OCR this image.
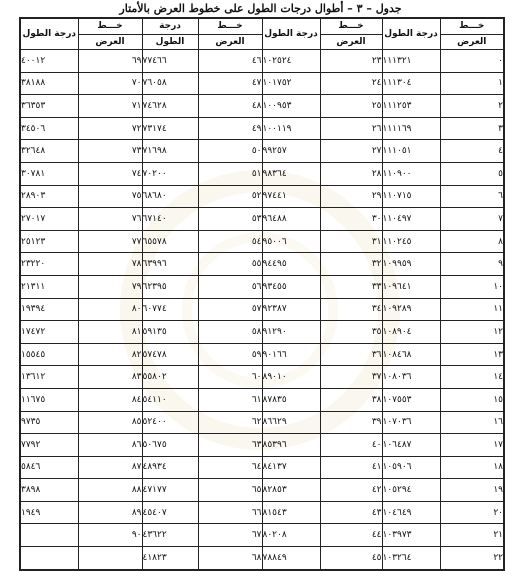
جدول – ٣ – أطوال درجات الطول على خطوط العرض بالأمتار
خـــط	درجة الطول	خـــط	درجة الطول	خـــط	درجة	خـــط	درجة الطول
العرض		العرض		العرض	الطول	العرض	
٠	١١١٣٢١	٢٣	١٠٢٥٢٤	٤٦	٧٧٤٦٦	٦٩	٤٠٠١٢
١	١١١٣٠٤	٢٤	١٠١٧٥٢	٤٧	٧٦٠٥٨	٧٠	٣٨١٨٨
٢	١١١٢٥٣	٢٥	١٠٠٩٥٣	٤٨	٧٤٦٢٨	٧١	٣٦٣٥٣
٣	١١١١٦٩	٢٦	١٠٠١١٩	٤٩	٧٣١٧٤	٧٢	٣٤٥٠٦
٤	١١١٠٥١	٢٧	٩٩٢٥٧	٥٠	٧١٦٩٨	٧٣	٣٢٦٤٨
٥	١١٠٩٠٠	٢٨	٩٨٣٦٤	٥١	٧٠٢٠٠	٧٤	٣٠٧٨١
٦	١١٠٧١٥	٢٩	٩٧٤٤١	٥٢	٦٨٦٨٠	٧٥	٢٨٩٠٣
٧	١١٠٤٩٧	٣٠	٩٦٤٨٨	٥٣	٦٧١٤٠	٧٦	٢٧٠١٧
٨	١١٠٢٤٥	٣١	٩٥٠٠٦	٥٤	٦٥٥٧٨	٧٧	٢٥١٢٣
٩	١٠٩٩٥٩	٣٢	٩٤٤٩٥	٥٥	٦٣٩٩٦	٧٨	٢٣٢٢٠
١٠	١٠٩٦٤١	٣٣	٩٣٤٥٥	٥٦	٦٢٣٩٥	٧٩	٢١٣١١
١١	١٠٩٢٨٩	٣٤	٩٢٣٨٧	٥٧	٦٠٧٧٤	٨٠	١٩٣٩٤
١٢	١٠٨٩٠٤	٣٥	٩١٢٩٠	٥٨	٥٩١٣٥	٨١	١٧٤٧٢
١٣	١٠٨٤٦٨	٣٦	٩٠١٦٦	٥٩	٥٧٤٧٨	٨٢	١٥٥٤٥
١٤	١٠٨٠٣٦	٣٧	٨٩٠١٠	٦٠	٥٥٨٠٢	٨٣	١٣٦١٢
١٥	١٠٧٥٥٣	٣٨	٨٧٨٣٥	٦١	٥٤١١٠	٨٤	١١٦٧٥
١٦	١٠٧٠٣٦	٣٩	٨٦٦٢٩	٦٢	٥٢٤٠٠	٨٥	٩٧٣٥
١٧	١٠٦٤٨٧	٤٠	٨٥٣٩٦	٦٣	٥٠٦٧٥	٨٦	٧٧٩٢
١٨	١٠٥٩٠٦	٤١	٨٤١٣٧	٦٤	٤٨٩٣٤	٨٧	٥٨٤٦
١٩	١٠٥٢٩٤	٤٢	٨٢٨٥٣	٦٥	٤٧١٧٧	٨٨	٣٨٩٨
٢٠	١٠٤٦٤٩	٤٣	٨١٥٤٣	٦٦	٤٥٤٠٧	٨٩	١٩٤٩
٢١	١٠٣٩٧٣	٤٤	٨٠٢٠٨	٦٧	٤٣٦٢٢	٩٠	
٢٢	١٠٣٢٦٤	٤٥	٧٨٨٤٩	٦٨	٤١٨٢٣		
